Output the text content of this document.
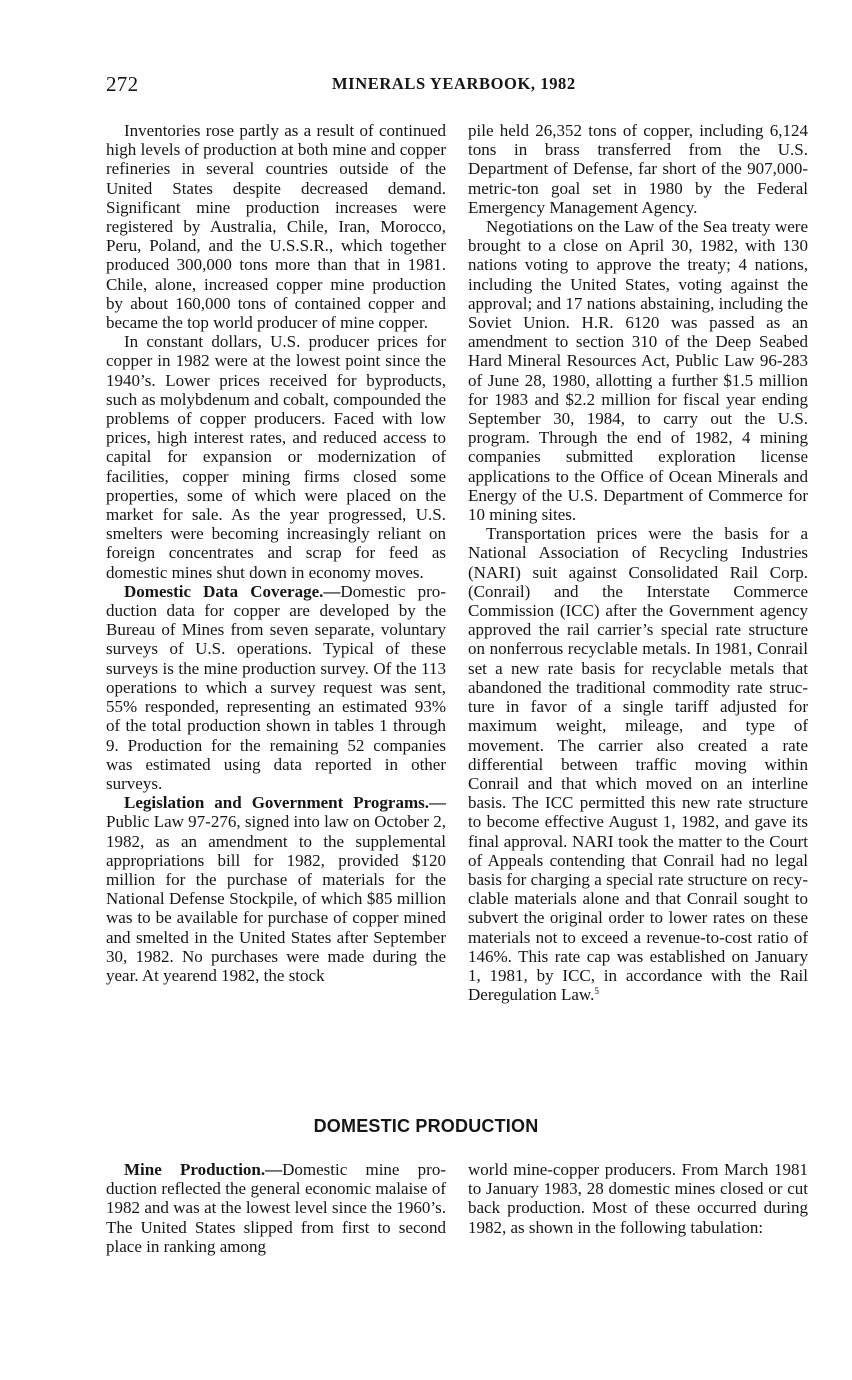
272	MINERALS YEARBOOK, 1982

Inventories rose partly as a result of continued high levels of production at both mine and copper refineries in several countries outside of the United States despite decreased demand. Significant mine production increases were registered by Australia, Chile, Iran, Morocco, Peru, Poland, and the U.S.S.R., which together produced 300,000 tons more than that in 1981. Chile, alone, increased copper mine production by about 160,000 tons of contained copper and became the top world producer of mine copper.

In constant dollars, U.S. producer prices for copper in 1982 were at the lowest point since the 1940’s. Lower prices received for byproducts, such as molybdenum and cobalt, compounded the problems of copper producers. Faced with low prices, high interest rates, and reduced access to capital for expansion or modernization of facilities, copper mining firms closed some properties, some of which were placed on the market for sale. As the year progressed, U.S. smelters were becoming increasingly reliant on foreign concentrates and scrap for feed as domestic mines shut down in economy moves.

Domestic Data Coverage.—Domestic production data for copper are developed by the Bureau of Mines from seven separate, voluntary surveys of U.S. operations. Typical of these surveys is the mine production survey. Of the 113 operations to which a survey request was sent, 55% responded, representing an estimated 93% of the total production shown in tables 1 through 9. Production for the remaining 52 companies was estimated using data reported in other surveys.

Legislation and Government Programs.—Public Law 97-276, signed into law on October 2, 1982, as an amendment to the supplemental appropriations bill for 1982, provided $120 million for the purchase of materials for the National Defense Stockpile, of which $85 million was to be available for purchase of copper mined and smelted in the United States after September 30, 1982. No purchases were made during the year. At yearend 1982, the stock

pile held 26,352 tons of copper, including 6,124 tons in brass transferred from the U.S. Department of Defense, far short of the 907,000-metric-ton goal set in 1980 by the Federal Emergency Management Agency.

Negotiations on the Law of the Sea treaty were brought to a close on April 30, 1982, with 130 nations voting to approve the treaty; 4 nations, including the United States, voting against the approval; and 17 nations abstaining, including the Soviet Union. H.R. 6120 was passed as an amendment to section 310 of the Deep Seabed Hard Mineral Resources Act, Public Law 96-283 of June 28, 1980, allotting a further $1.5 million for 1983 and $2.2 million for fiscal year ending September 30, 1984, to carry out the U.S. program. Through the end of 1982, 4 mining companies submitted exploration license applications to the Office of Ocean Minerals and Energy of the U.S. Department of Commerce for 10 mining sites.

Transportation prices were the basis for a National Association of Recycling Industries (NARI) suit against Consolidated Rail Corp. (Conrail) and the Interstate Commerce Commission (ICC) after the Government agency approved the rail carrier’s special rate structure on nonferrous recyclable metals. In 1981, Conrail set a new rate basis for recyclable metals that abandoned the traditional commodity rate structure in favor of a single tariff adjusted for maximum weight, mileage, and type of movement. The carrier also created a rate differential between traffic moving within Conrail and that which moved on an interline basis. The ICC permitted this new rate structure to become effective August 1, 1982, and gave its final approval. NARI took the matter to the Court of Appeals contending that Conrail had no legal basis for charging a special rate structure on recyclable materials alone and that Conrail sought to subvert the original order to lower rates on these materials not to exceed a revenue-to-cost ratio of 146%. This rate cap was established on January 1, 1981, by ICC, in accordance with the Rail Deregulation Law.$^5$

DOMESTIC PRODUCTION

Mine Production.—Domestic mine production reflected the general economic malaise of 1982 and was at the lowest level since the 1960’s. The United States slipped from first to second place in ranking among

world mine-copper producers. From March 1981 to January 1983, 28 domestic mines closed or cut back production. Most of these occurred during 1982, as shown in the following tabulation:
